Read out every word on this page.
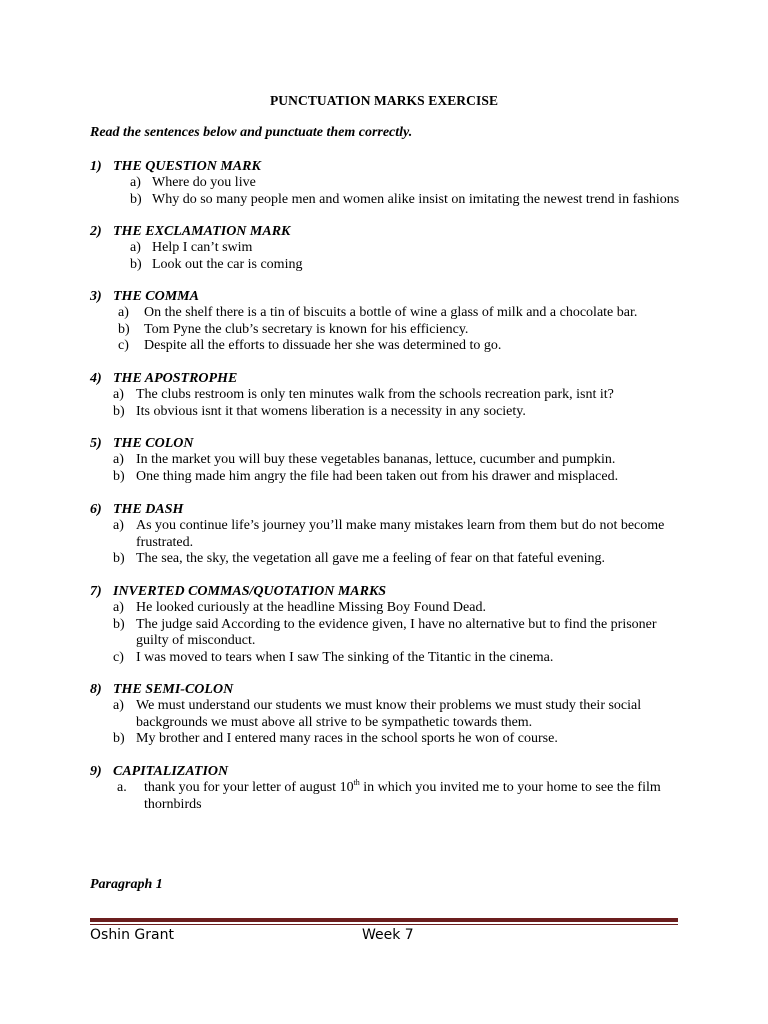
PUNCTUATION MARKS EXERCISE
Read the sentences below and punctuate them correctly.
1) THE QUESTION MARK
a) Where do you live
b) Why do so many people men and women alike insist on imitating the newest trend in fashions
2) THE EXCLAMATION MARK
a) Help I can’t swim
b) Look out the car is coming
3) THE COMMA
a)	On the shelf there is a tin of biscuits a bottle of wine a glass of milk and a chocolate bar.
b)	Tom Pyne the club’s secretary is known for his efficiency.
c)	Despite all the efforts to dissuade her she was determined to go.
4) THE APOSTROPHE
a) The clubs restroom is only ten minutes walk from the schools recreation park, isnt it?
b) Its obvious isnt it that womens liberation is a necessity in any society.
5) THE COLON
a) In the market you will buy these vegetables bananas, lettuce, cucumber and pumpkin.
b) One thing made him angry the file had been taken out from his drawer and misplaced.
6) THE DASH
a) As you continue life’s journey you’ll make many mistakes learn from them but do not become
frustrated.
b) The sea, the sky, the vegetation all gave me a feeling of fear on that fateful evening.
7) INVERTED COMMAS/QUOTATION MARKS
a) He looked curiously at the headline Missing Boy Found Dead.
b) The judge said According to the evidence given, I have no alternative but to find the prisoner
guilty of misconduct.
c) I was moved to tears when I saw The sinking of the Titantic in the cinema.
8) THE SEMI-COLON
a) We must understand our students we must know their problems we must study their social
backgrounds we must above all strive to be sympathetic towards them.
b) My brother and I entered many races in the school sports he won of course.
9) CAPITALIZATION
a.	thank you for your letter of august 10th in which you invited me to your home to see the film
thornbirds
Paragraph 1
Oshin Grant	Week 7
